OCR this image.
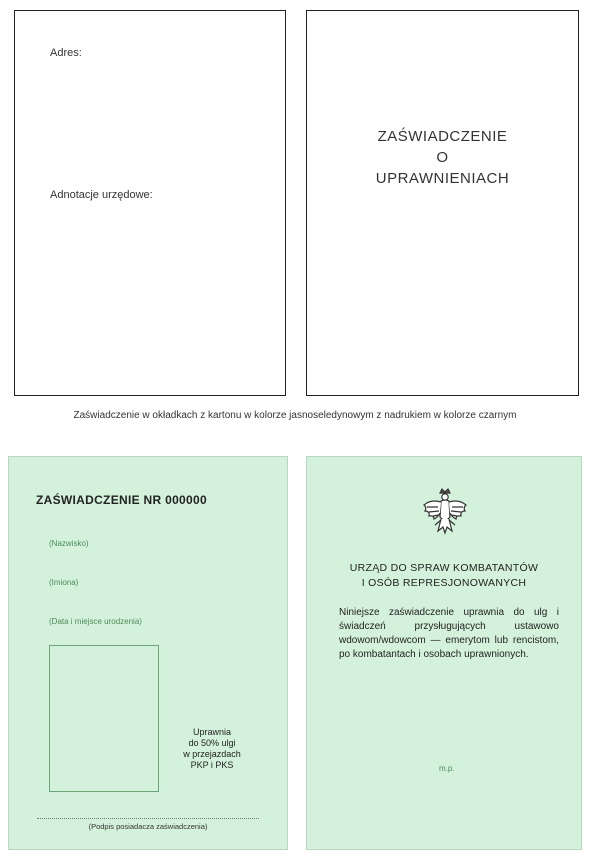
Adres:
Adnotacje urzędowe:
ZAŚWIADCZENIE
O
UPRAWNIENIACH
Zaświadczenie w okładkach z kartonu w kolorze jasnoseledynowym z nadrukiem w kolorze czarnym
ZAŚWIADCZENIE NR 000000
(Nazwisko)
(Imiona)
(Data i miejsce urodzenia)
Uprawnia
do 50% ulgi
w przejazdach
PKP i PKS
(Podpis posiadacza zaświadczenia)
URZĄD DO SPRAW KOMBATANTÓW
I OSÓB REPRESJONOWANYCH
Niniejsze zaświadczenie uprawnia do ulg i świadczeń przysługujących ustawowo wdowom/wdowcom — emerytom lub rencistom, po kombatantach i osobach uprawnionych.
m.p.
